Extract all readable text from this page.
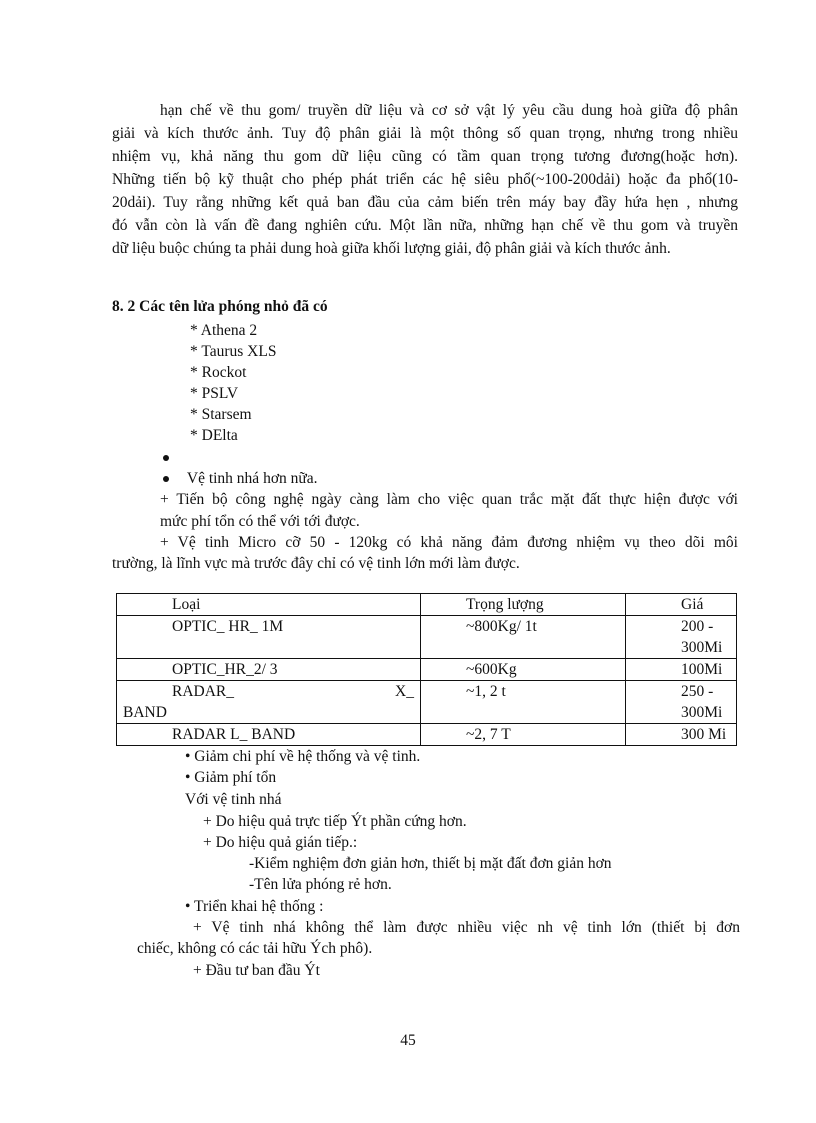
hạn chế về thu gom/ truyền dữ liệu và cơ sở vật lý yêu cầu dung hoà giữa độ phân
giải và kích thước ảnh. Tuy độ phân giải là một thông số quan trọng, nhưng trong nhiều
nhiệm vụ, khả năng thu gom dữ liệu cũng có tầm quan trọng tương đương(hoặc hơn).
Những tiến bộ kỹ thuật cho phép phát triển các hệ siêu phổ(~100-200dải) hoặc đa phổ(10-
20dải). Tuy rằng những kết quả ban đầu của cảm biến trên máy bay đầy hứa hẹn , nhưng
đó vẫn còn là vấn đề đang nghiên cứu. Một lần nữa, những hạn chế về thu gom và truyền
dữ liệu buộc chúng ta phải dung hoà giữa khối lượng giải, độ phân giải và kích thước ảnh.
8. 2 Các tên lửa phóng nhỏ đã có
* Athena 2
* Taurus XLS
* Rockot
* PSLV
* Starsem
* DElta
Vệ tinh nhá hơn nữa.
+ Tiến bộ công nghệ ngày càng làm cho việc quan trắc mặt đất thực hiện được với
mức phí tổn có thể với tới được.
+ Vệ tinh Micro cỡ 50 - 120kg có khả năng đảm đương nhiệm vụ theo dõi môi
trường, là lĩnh vực mà trước đây chỉ có vệ tinh lớn mới làm được.
Loại	Trọng lượng	Giá
OPTIC_ HR_ 1M	~800Kg/ 1t	200 - 300Mi
OPTIC_HR_2/ 3	~600Kg	100Mi

RADAR_ X_
BAND	~1, 2 t	250 - 300Mi
RADAR L_ BAND	~2, 7 T	300 Mi
• Giảm chi phí về hệ thống và vệ tinh.
• Giảm phí tổn
Với vệ tinh nhá
+ Do hiệu quả trực tiếp Ýt phần cứng hơn.
+ Do hiệu quả gián tiếp.:
-Kiểm nghiệm đơn giản hơn, thiết bị mặt đất đơn giản hơn
-Tên lửa phóng rẻ hơn.
• Triển khai hệ thống :
+ Vệ tinh nhá không thể làm được nhiều việc nh vệ tinh lớn (thiết bị đơn
chiếc, không có các tải hữu Ých phô).
+ Đầu tư ban đầu Ýt
45
